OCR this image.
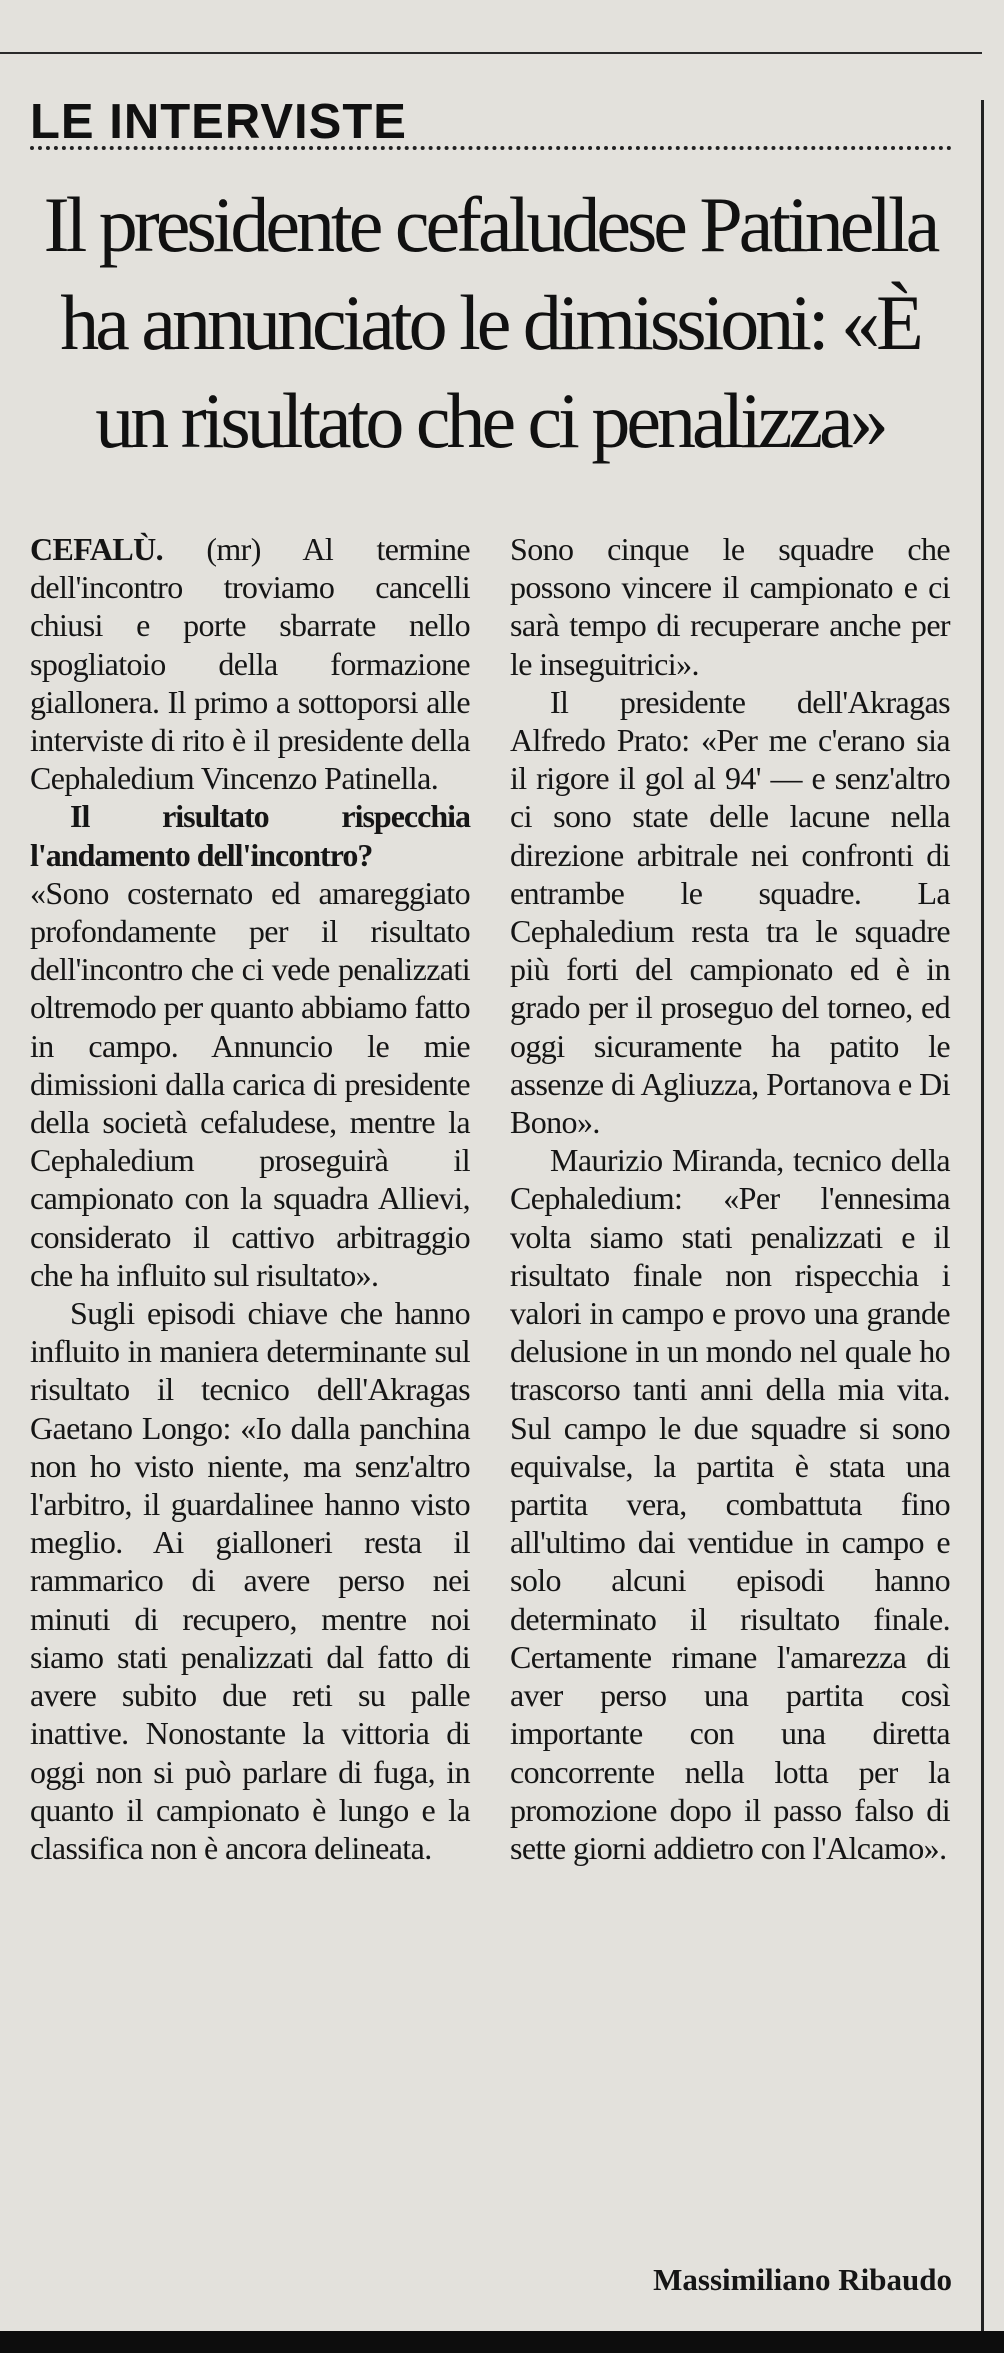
LE INTERVISTE
Il presidente cefaludese Patinella ha annunciato le dimissioni: «È un risultato che ci penalizza»

CEFALÙ. (mr) Al termine dell'incontro troviamo cancelli chiusi e porte sbarrate nello spogliatoio della formazione giallonera. Il primo a sottoporsi alle interviste di rito è il presidente della Cephaledium Vincenzo Patinella.

Il risultato rispecchia l'andamento dell'incontro?

«Sono costernato ed amareggiato profondamente per il risultato dell'incontro che ci vede penalizzati oltremodo per quanto abbiamo fatto in campo. Annuncio le mie dimissioni dalla carica di presidente della società cefaludese, mentre la Cephaledium proseguirà il campionato con la squadra Allievi, considerato il cattivo arbitraggio che ha influito sul risultato».

Sugli episodi chiave che hanno influito in maniera determinante sul risultato il tecnico dell'Akragas Gaetano Longo: «Io dalla panchina non ho visto niente, ma senz'altro l'arbitro, il guardalinee hanno visto meglio. Ai gialloneri resta il rammarico di avere perso nei minuti di recupero, mentre noi siamo stati penalizzati dal fatto di avere subito due reti su palle inattive. Nonostante la vittoria di oggi non si può parlare di fuga, in quanto il campionato è lungo e la classifica non è ancora delineata.

Sono cinque le squadre che possono vincere il campionato e ci sarà tempo di recuperare anche per le inseguitrici».

Il presidente dell'Akragas Alfredo Prato: «Per me c'erano sia il rigore il gol al 94' — e senz'altro ci sono state delle lacune nella direzione arbitrale nei confronti di entrambe le squadre. La Cephaledium resta tra le squadre più forti del campionato ed è in grado per il proseguo del torneo, ed oggi sicuramente ha patito le assenze di Agliuzza, Portanova e Di Bono».

Maurizio Miranda, tecnico della Cephaledium: «Per l'ennesima volta siamo stati penalizzati e il risultato finale non rispecchia i valori in campo e provo una grande delusione in un mondo nel quale ho trascorso tanti anni della mia vita. Sul campo le due squadre si sono equivalse, la partita è stata una partita vera, combattuta fino all'ultimo dai ventidue in campo e solo alcuni episodi hanno determinato il risultato finale. Certamente rimane l'amarezza di aver perso una partita così importante con una diretta concorrente nella lotta per la promozione dopo il passo falso di sette giorni addietro con l'Alcamo».

Massimiliano Ribaudo
